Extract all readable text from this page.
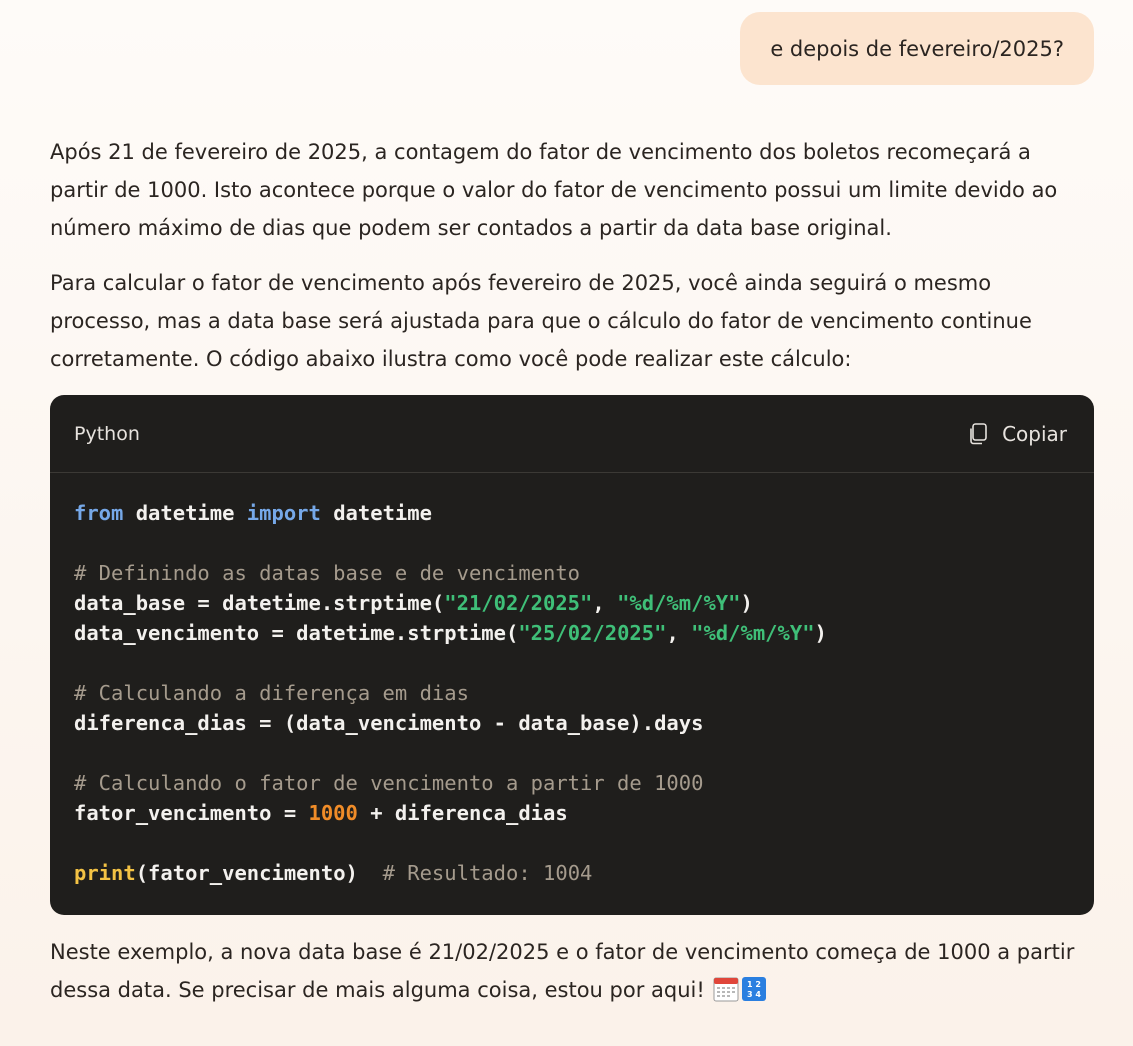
e depois de fevereiro/2025?

Após 21 de fevereiro de 2025, a contagem do fator de vencimento dos boletos recomeçará a partir de 1000. Isto acontece porque o valor do fator de vencimento possui um limite devido ao número máximo de dias que podem ser contados a partir da data base original.

Para calcular o fator de vencimento após fevereiro de 2025, você ainda seguirá o mesmo processo, mas a data base será ajustada para que o cálculo do fator de vencimento continue corretamente. O código abaixo ilustra como você pode realizar este cálculo:

Python	Copiar
from datetime import datetime
# Definindo as datas base e de vencimento
data_base = datetime.strptime("21/02/2025", "%d/%m/%Y")
data_vencimento = datetime.strptime("25/02/2025", "%d/%m/%Y")
# Calculando a diferença em dias
diferenca_dias = (data_vencimento - data_base).days
# Calculando o fator de vencimento a partir de 1000
fator_vencimento = 1000 + diferenca_dias
print(fator_vencimento)  # Resultado: 1004

Neste exemplo, a nova data base é 21/02/2025 e o fator de vencimento começa de 1000 a partir dessa data. Se precisar de mais alguma coisa, estou por aqui!	1 2
3 4
